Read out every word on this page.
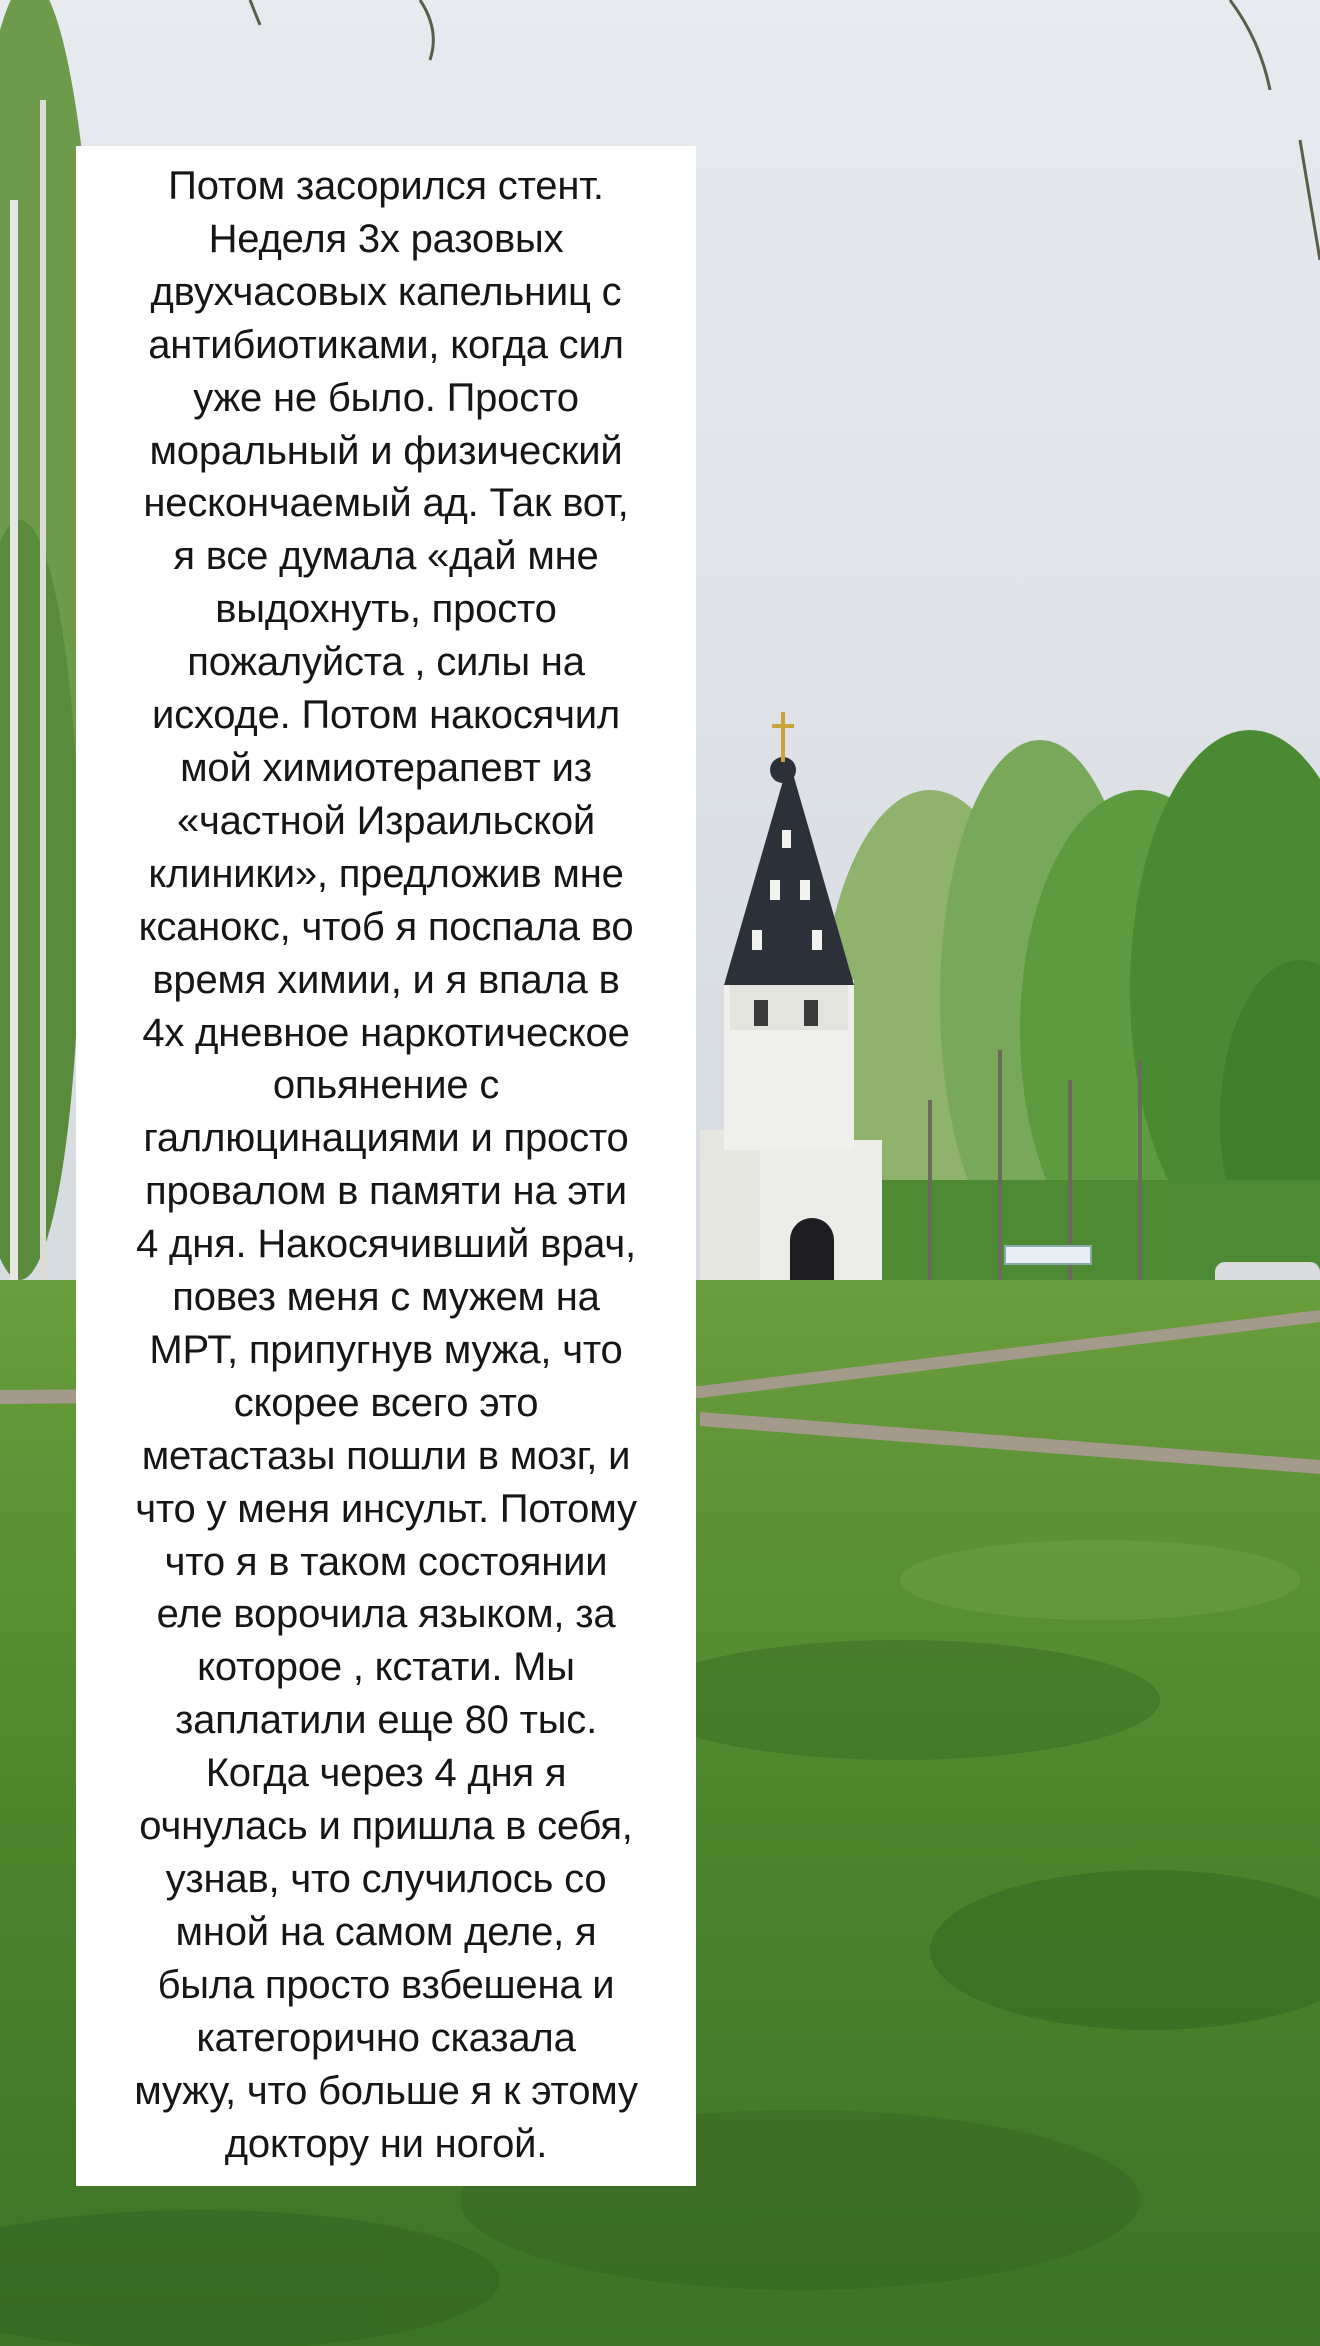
Потом засорился стент.
Неделя 3х разовых
двухчасовых капельниц с
антибиотиками, когда сил
уже не было. Просто
моральный и физический
нескончаемый ад. Так вот,
я все думала «дай мне
выдохнуть, просто
пожалуйста , силы на
исходе. Потом накосячил
мой химиотерапевт из
«частной Израильской
клиники», предложив мне
ксанокс, чтоб я поспала во
время химии, и я впала в
4х дневное наркотическое
опьянение с
галлюцинациями и просто
провалом в памяти на эти
4 дня. Накосячивший врач,
повез меня с мужем на
МРТ, припугнув мужа, что
скорее всего это
метастазы пошли в мозг, и
что у меня инсульт. Потому
что я в таком состоянии
еле ворочила языком, за
которое , кстати. Мы
заплатили еще 80 тыс.
Когда через 4 дня я
очнулась и пришла в себя,
узнав, что случилось со
мной на самом деле, я
была просто взбешена и
категорично сказала
мужу, что больше я к этому
доктору ни ногой.
